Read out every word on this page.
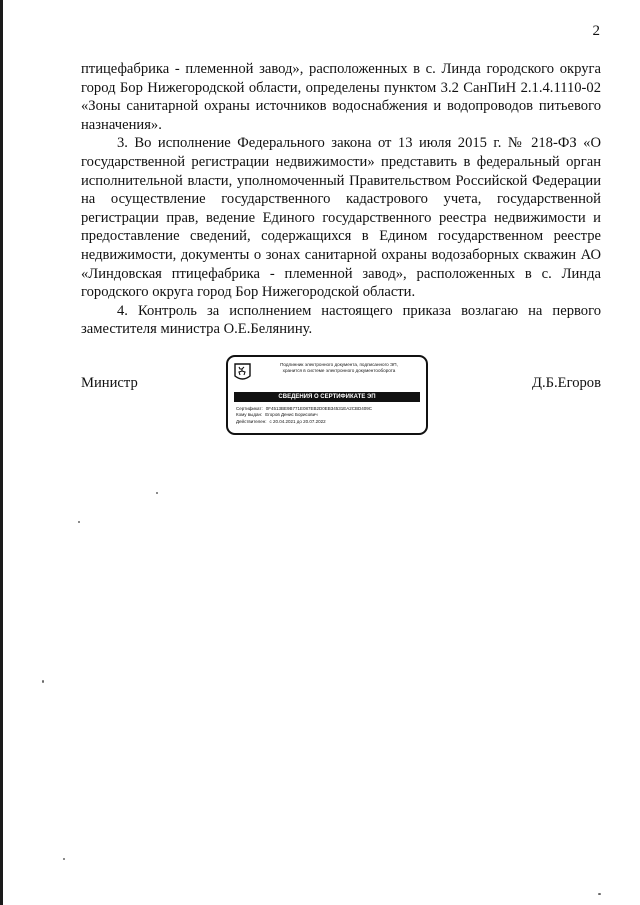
2

птицефабрика - племенной завод», расположенных в с. Линда городского округа город Бор Нижегородской области, определены пунктом 3.2 СанПиН 2.1.4.1110-02 «Зоны санитарной охраны источников водоснабжения и водопроводов питьевого назначения».

3. Во исполнение Федерального закона от 13 июля 2015 г. № 218-ФЗ «О государственной регистрации недвижимости» представить в федеральный орган исполнительной власти, уполномоченный Правительством Российской Федерации на осуществление государственного кадастрового учета, государственной регистрации прав, ведение Единого государственного реестра недвижимости и предоставление сведений, содержащихся в Едином государственном реестре недвижимости, документы о зонах санитарной охраны водозаборных скважин АО «Линдовская птицефабрика - племенной завод», расположенных в с. Линда городского округа город Бор Нижегородской области.

4. Контроль за исполнением настоящего приказа возлагаю на первого заместителя министра О.Е.Белянину.

Министр
Подлинник электронного документа, подписанного ЭП,
хранится в системе электронного документооборота
СВЕДЕНИЯ О СЕРТИФИКАТЕ ЭП
Сертификат: 0F4513BE9B771E087EB2D0EB34531EA2CBD409C
Кому выдан: Егоров Денис Борисович
Действителен: с 20.04.2021 до 20.07.2022
Д.Б.Егоров
